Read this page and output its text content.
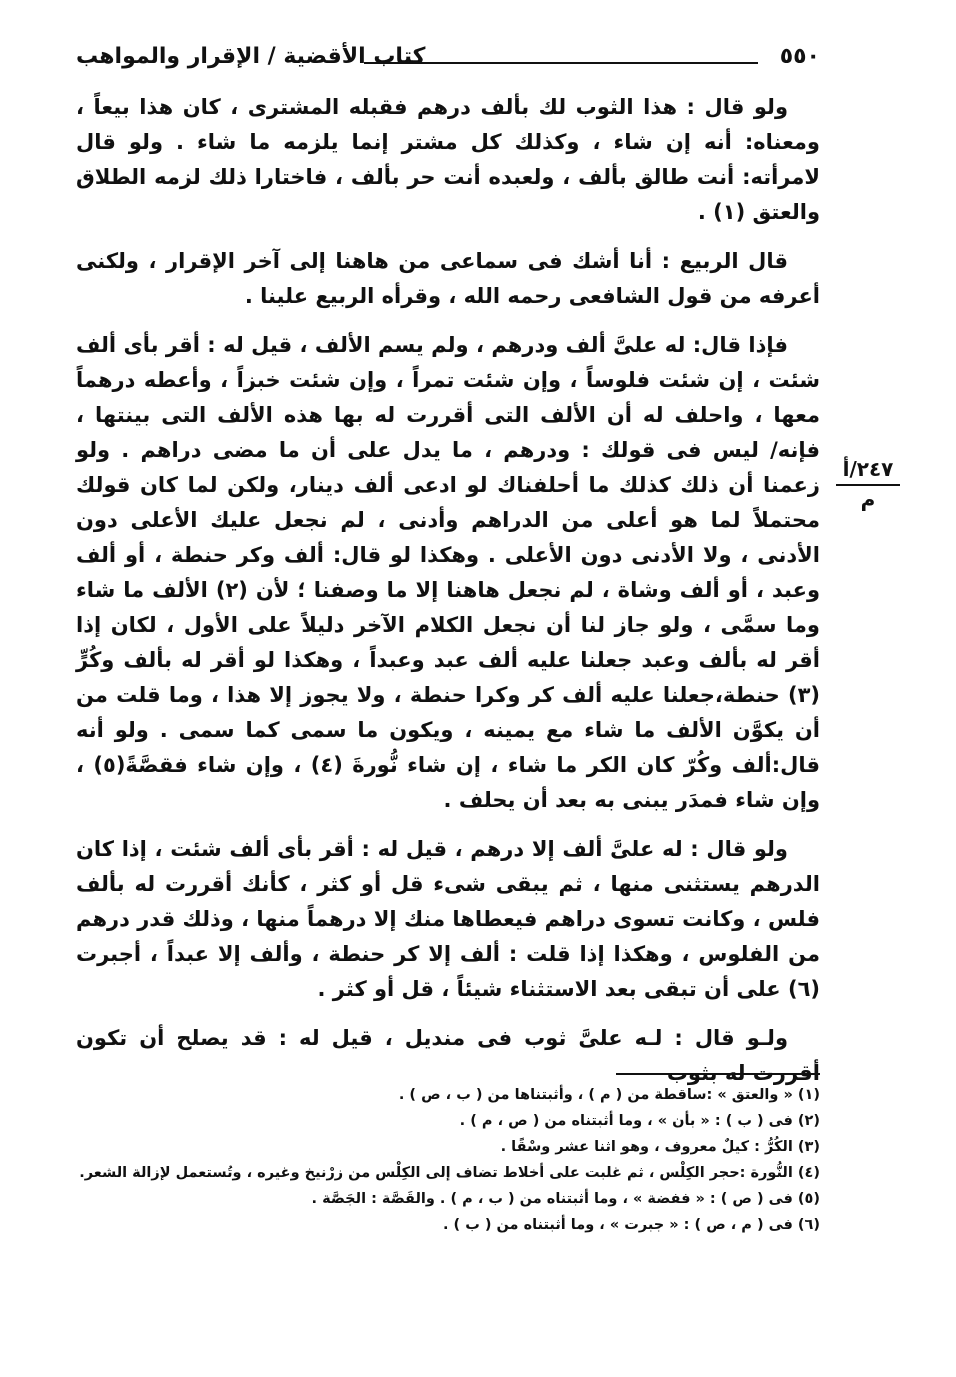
٥٥٠
كتاب الأقضية / الإقرار والمواهب

ولو قال : هذا الثوب لك بألف درهم فقبله المشترى ، كان هذا بيعاً ، ومعناه: أنه إن شاء ، وكذلك كل مشتر إنما يلزمه ما شاء . ولو قال لامرأته: أنت طالق بألف ، ولعبده أنت حر بألف ، فاختارا ذلك لزمه الطلاق والعتق (١) .

قال الربيع : أنا أشك فى سماعى من هاهنا إلى آخر الإقرار ، ولكنى أعرفه من قول الشافعى رحمه الله ، وقرأه الربيع علينا .

فإذا قال: له علىَّ ألف ودرهم ، ولم يسم الألف ، قيل له : أقر بأى ألف شئت ، إن شئت فلوساً ، وإن شئت تمراً ، وإن شئت خبزاً ، وأعطه درهماً معها ، واحلف له أن الألف التى أقررت له بها هذه الألف التى بينتها ، فإنه/ ليس فى قولك : ودرهم ، ما يدل على أن ما مضى دراهم . ولو زعمنا أن ذلك كذلك ما أحلفناك لو ادعى ألف دينار، ولكن لما كان قولك محتملاً لما هو أعلى من الدراهم وأدنى ، لم نجعل عليك الأعلى دون الأدنى ، ولا الأدنى دون الأعلى . وهكذا لو قال: ألف وكر حنطة ، أو ألف وعبد ، أو ألف وشاة ، لم نجعل هاهنا إلا ما وصفنا ؛ لأن (٢) الألف ما شاء وما سمَّى ، ولو جاز لنا أن نجعل الكلام الآخر دليلاً على الأول ، لكان إذا أقر له بألف وعبد جعلنا عليه ألف عبد وعبداً ، وهكذا لو أقر له بألف وكُرٍّ (٣) حنطة،جعلنا عليه ألف كر وكرا حنطة ، ولا يجوز إلا هذا ، وما قلت من أن يكوَّن الألف ما شاء مع يمينه ، ويكون ما سمى كما سمى . ولو أنه قال:ألف وكُرّ كان الكر ما شاء ، إن شاء نُّورةَ (٤) ، وإن شاء فقصَّةً(٥) ، وإن شاء فمدَر يبنى به بعد أن يحلف .

ولو قال : له علىَّ ألف إلا درهم ، قيل له : أقر بأى ألف شئت ، إذا كان الدرهم يستثنى منها ، ثم يبقى شىء قل أو كثر ، كأنك أقررت له بألف فلس ، وكانت تسوى دراهم فيعطاها منك إلا درهماً منها ، وذلك قدر درهم من الفلوس ، وهكذا إذا قلت : ألف إلا كر حنطة ، وألف إلا عبداً ، أجبرت (٦) على أن تبقى بعد الاستثناء شيئاً ، قل أو كثر .

ولـو قال : لـه علىَّ ثوب فى منديل ، قيل له : قد يصلح أن تكون أقررت له بثوب

٢٤٧/أ
م
(١) « والعتق » :ساقطة من ( م ) ، وأثبتناها من ( ب ، ص ) .
(٢) فى ( ب ) : « بأن » ، وما أثبتناه من ( ص ، م ) .
(٣) الكُرُّ : كيلٌ معروف ، وهو اثنا عشر وسْقًا .
(٤) النُّورة :حجر الكِلْس ، ثم غلبت على أخلاط تضاف إلى الكِلْس من زرْنيخ وغيره ، وتُستعمل لإزالة الشعر.
(٥) فى ( ص ) : « ففضة » ، وما أثبتناه من ( ب ، م ) . والقَصَّة : الجَصَّة .
(٦) فى ( م ، ص ) : « جبرت » ، وما أثبتناه من ( ب ) .
